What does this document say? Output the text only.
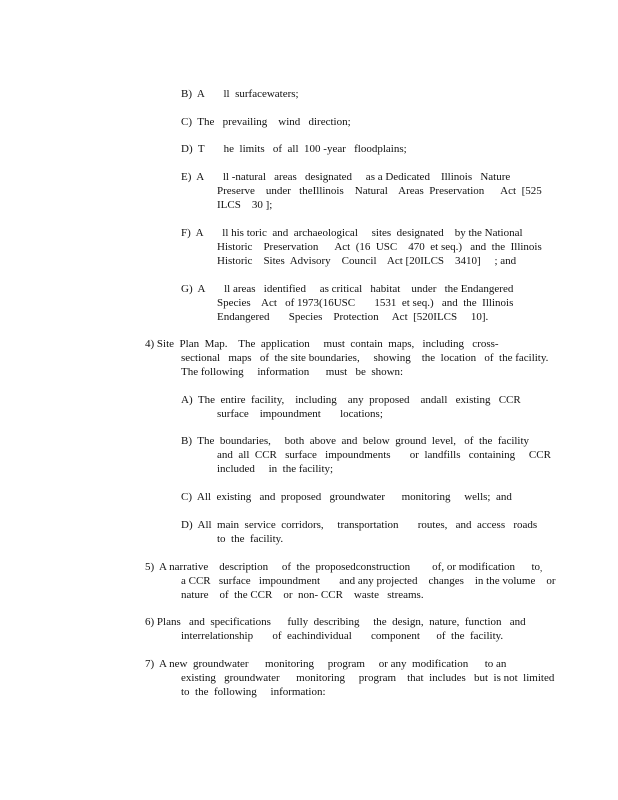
B)  A       ll  surfacewaters;
C)  The   prevailing    wind   direction;
D)  T       he  limits   of  all  100 -year   floodplains;
E)  A       ll -natural   areas   designated     as a Dedicated    Illinois   Nature
Preserve    under   theIllinois    Natural    Areas  Preservation      Act  [525
ILCS    30 ];
F)  A       ll his toric  and  archaeological     sites  designated    by the National
Historic    Preservation      Act  (16  USC    470  et seq.)   and  the  Illinois
Historic    Sites  Advisory    Council    Act [20ILCS    3410]     ; and
G)  A       ll areas   identified     as critical   habitat    under   the Endangered
Species    Act   of 1973(16USC       1531  et seq.)   and  the  Illinois
Endangered       Species    Protection     Act  [520ILCS     10].
4) Site  Plan  Map.    The  application     must  contain  maps,   including   cross-
sectional   maps   of  the site boundaries,     showing    the  location   of  the facility.
The following     information      must   be  shown:
A)  The  entire  facility,    including    any  proposed    andall   existing   CCR
surface    impoundment       locations;
B)  The  boundaries,     both  above  and  below  ground  level,   of  the  facility
and  all  CCR   surface   impoundments       or  landfills   containing     CCR
included     in  the facility;
C)  All  existing   and  proposed   groundwater      monitoring     wells;  and
D)  All  main  service  corridors,     transportation       routes,   and  access   roads
to  the  facility.
5)  A narrative    description     of  the  proposedconstruction        of, or modification      to
a CCR   surface   impoundment       and any projected    changes    in the volume    or
nature    of  the CCR    or  non- CCR    waste   streams.
,
6) Plans   and  specifications      fully  describing     the  design,  nature,  function   and
interrelationship       of  eachindividual       component      of  the  facility.
7)  A new  groundwater      monitoring     program     or any  modification      to an
existing   groundwater      monitoring     program    that  includes   but  is not  limited
to  the  following     information:
